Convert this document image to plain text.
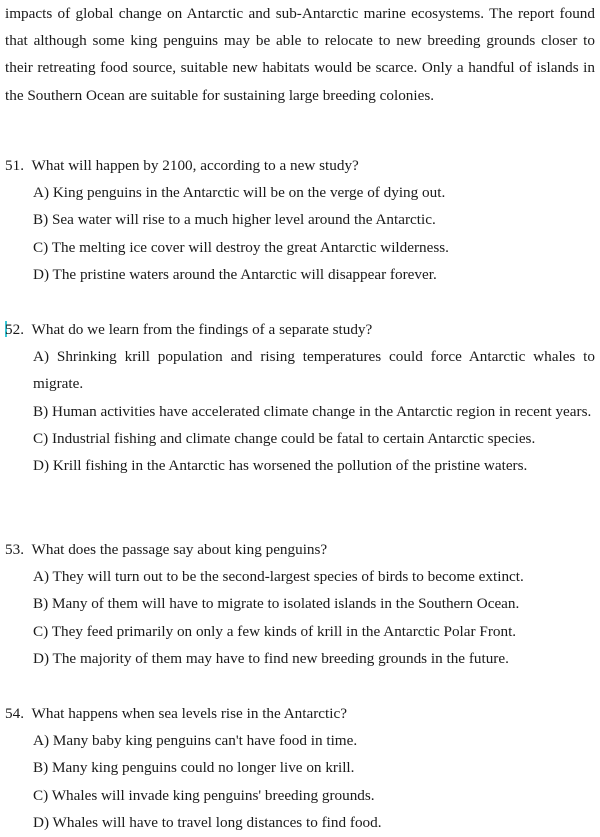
impacts of global change on Antarctic and sub-Antarctic marine ecosystems. The report found that although some king penguins may be able to relocate to new breeding grounds closer to their retreating food source, suitable new habitats would be scarce. Only a handful of islands in the Southern Ocean are suitable for sustaining large breeding colonies.

51. What will happen by 2100, according to a new study?
A) King penguins in the Antarctic will be on the verge of dying out.
B) Sea water will rise to a much higher level around the Antarctic.
C) The melting ice cover will destroy the great Antarctic wilderness.
D) The pristine waters around the Antarctic will disappear forever.
52. What do we learn from the findings of a separate study?
A) Shrinking krill population and rising temperatures could force Antarctic whales to migrate.
B) Human activities have accelerated climate change in the Antarctic region in recent years.
C) Industrial fishing and climate change could be fatal to certain Antarctic species.
D) Krill fishing in the Antarctic has worsened the pollution of the pristine waters.
53. What does the passage say about king penguins?
A) They will turn out to be the second-largest species of birds to become extinct.
B) Many of them will have to migrate to isolated islands in the Southern Ocean.
C) They feed primarily on only a few kinds of krill in the Antarctic Polar Front.
D) The majority of them may have to find new breeding grounds in the future.
54. What happens when sea levels rise in the Antarctic?
A) Many baby king penguins can't have food in time.
B) Many king penguins could no longer live on krill.
C) Whales will invade king penguins' breeding grounds.
D) Whales will have to travel long distances to find food.
